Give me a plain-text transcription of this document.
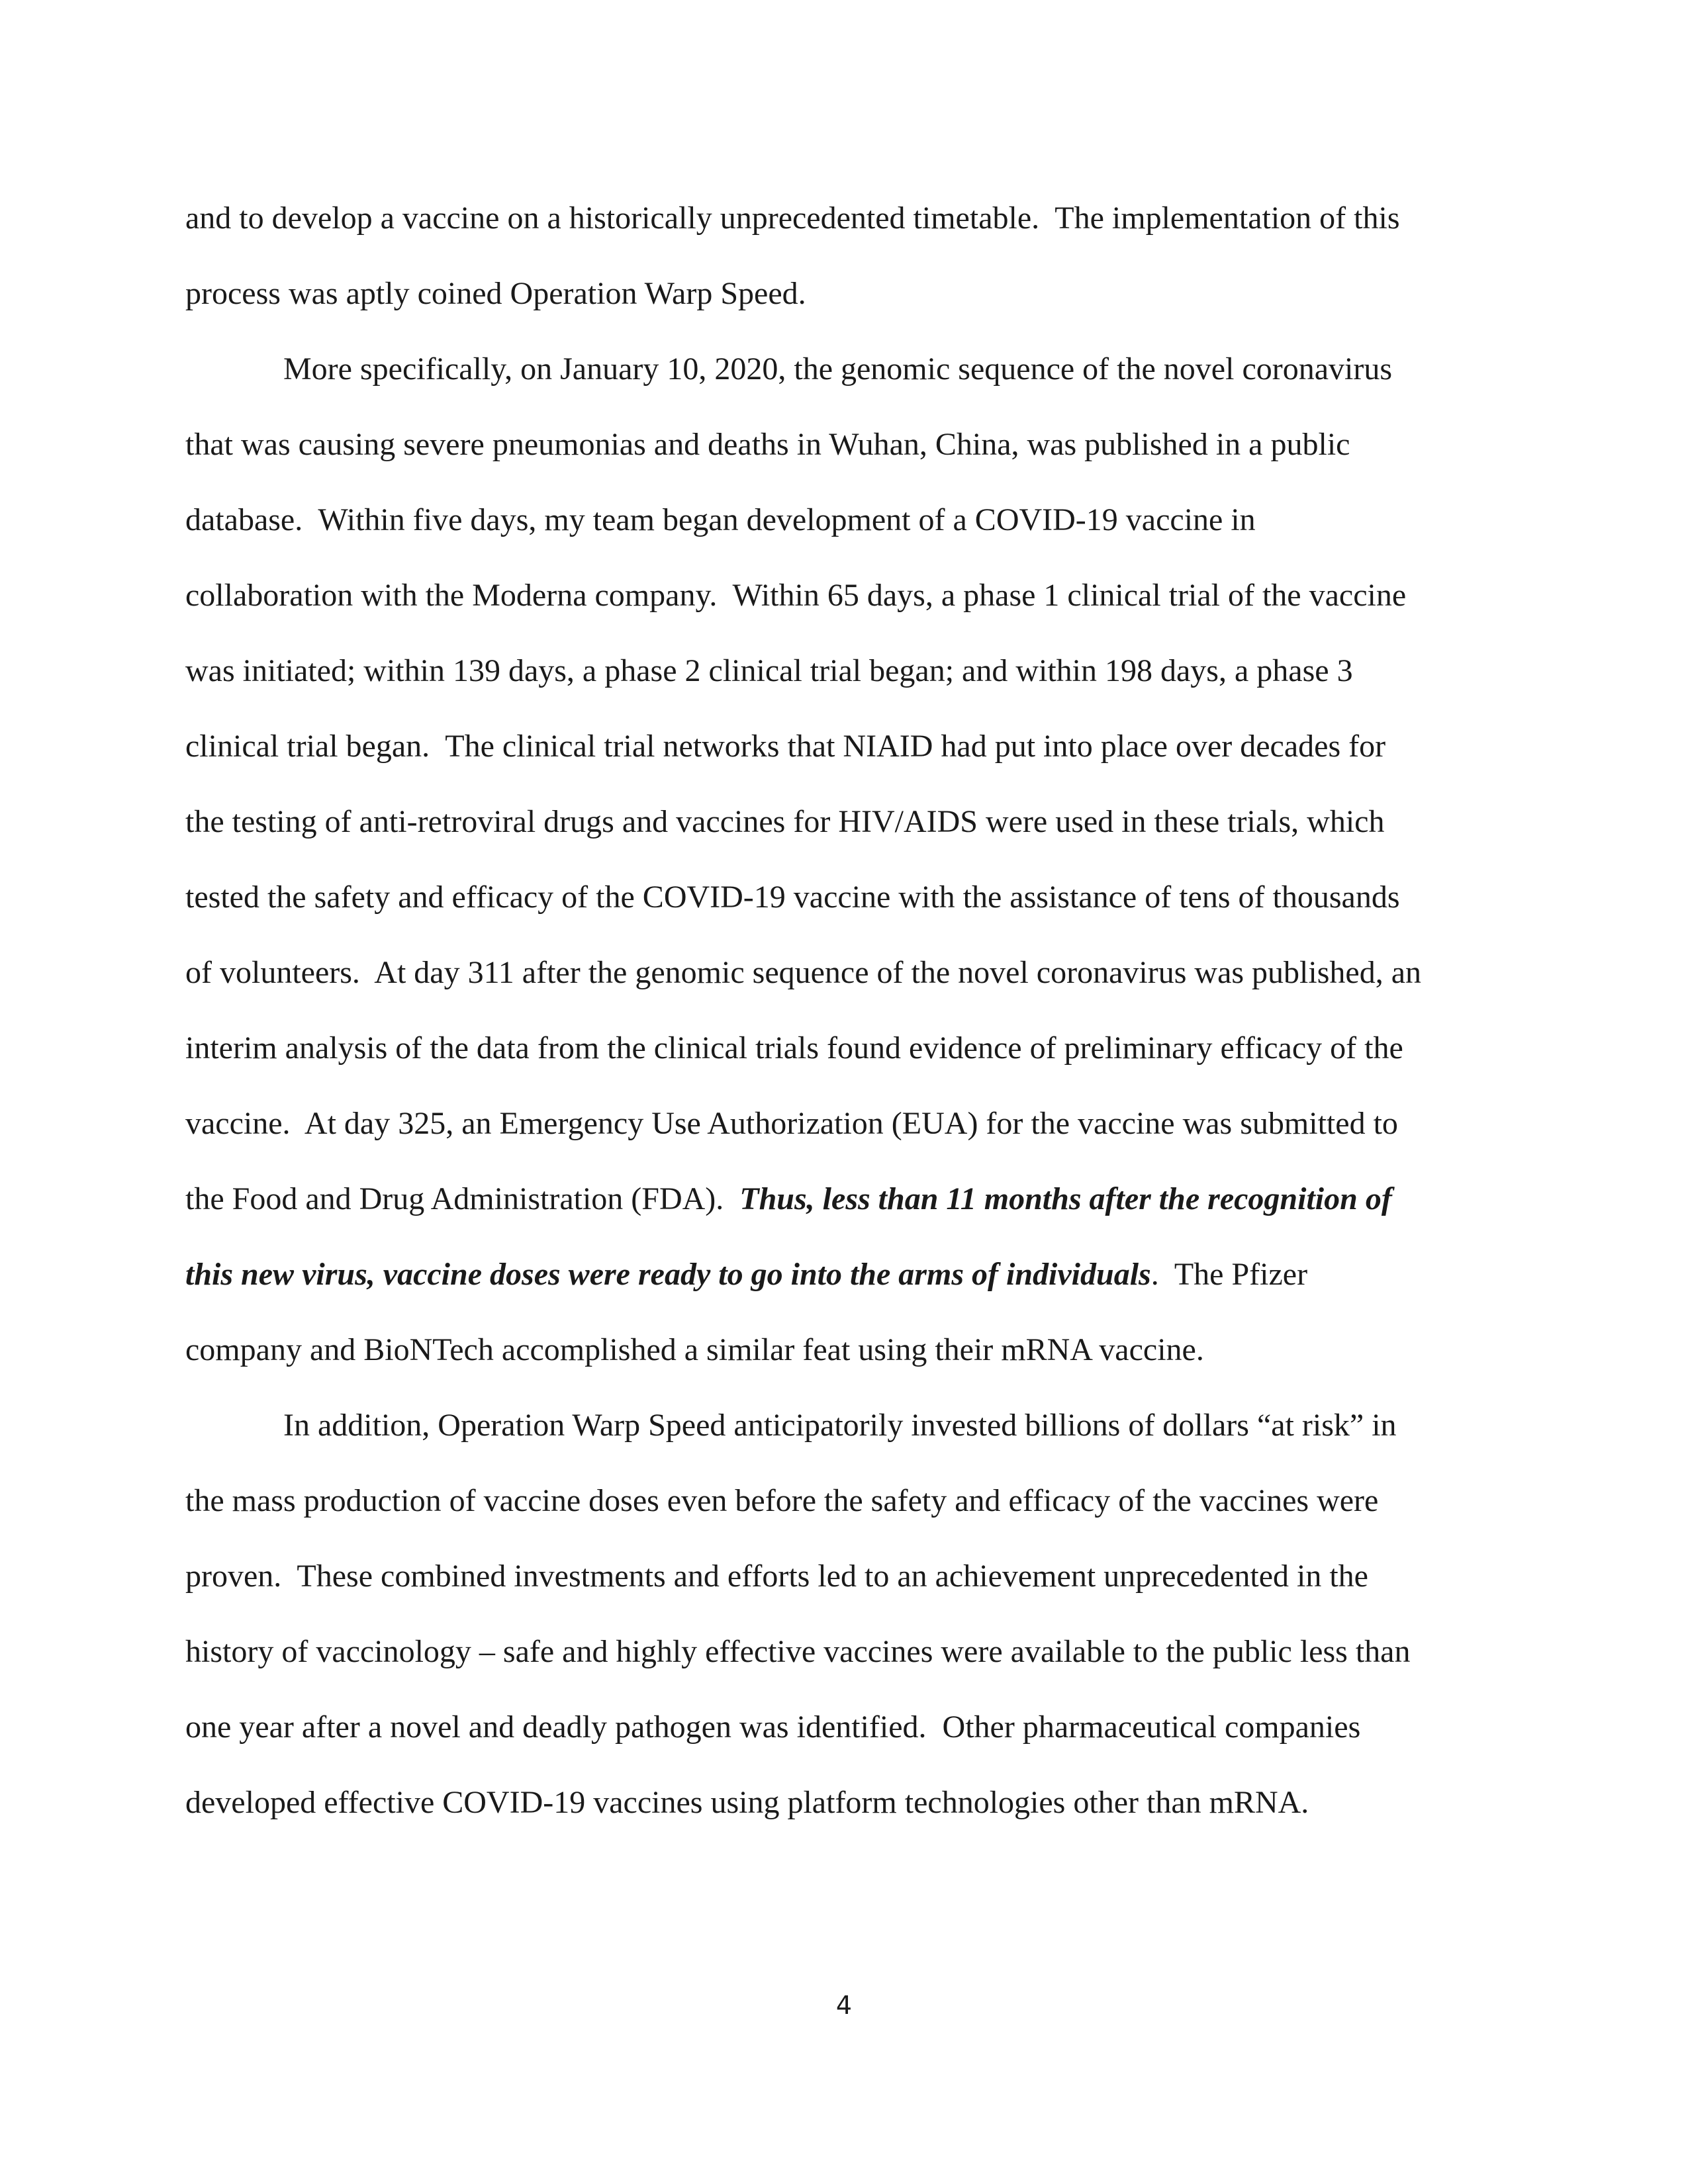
and to develop a vaccine on a historically unprecedented timetable.  The implementation of this
process was aptly coined Operation Warp Speed.
More specifically, on January 10, 2020, the genomic sequence of the novel coronavirus
that was causing severe pneumonias and deaths in Wuhan, China, was published in a public
database.  Within five days, my team began development of a COVID-19 vaccine in
collaboration with the Moderna company.  Within 65 days, a phase 1 clinical trial of the vaccine
was initiated; within 139 days, a phase 2 clinical trial began; and within 198 days, a phase 3
clinical trial began.  The clinical trial networks that NIAID had put into place over decades for
the testing of anti-retroviral drugs and vaccines for HIV/AIDS were used in these trials, which
tested the safety and efficacy of the COVID-19 vaccine with the assistance of tens of thousands
of volunteers.  At day 311 after the genomic sequence of the novel coronavirus was published, an
interim analysis of the data from the clinical trials found evidence of preliminary efficacy of the
vaccine.  At day 325, an Emergency Use Authorization (EUA) for the vaccine was submitted to
the Food and Drug Administration (FDA).  Thus, less than 11 months after the recognition of
this new virus, vaccine doses were ready to go into the arms of individuals.  The Pfizer
company and BioNTech accomplished a similar feat using their mRNA vaccine.
In addition, Operation Warp Speed anticipatorily invested billions of dollars “at risk” in
the mass production of vaccine doses even before the safety and efficacy of the vaccines were
proven.  These combined investments and efforts led to an achievement unprecedented in the
history of vaccinology – safe and highly effective vaccines were available to the public less than
one year after a novel and deadly pathogen was identified.  Other pharmaceutical companies
developed effective COVID-19 vaccines using platform technologies other than mRNA.
4
